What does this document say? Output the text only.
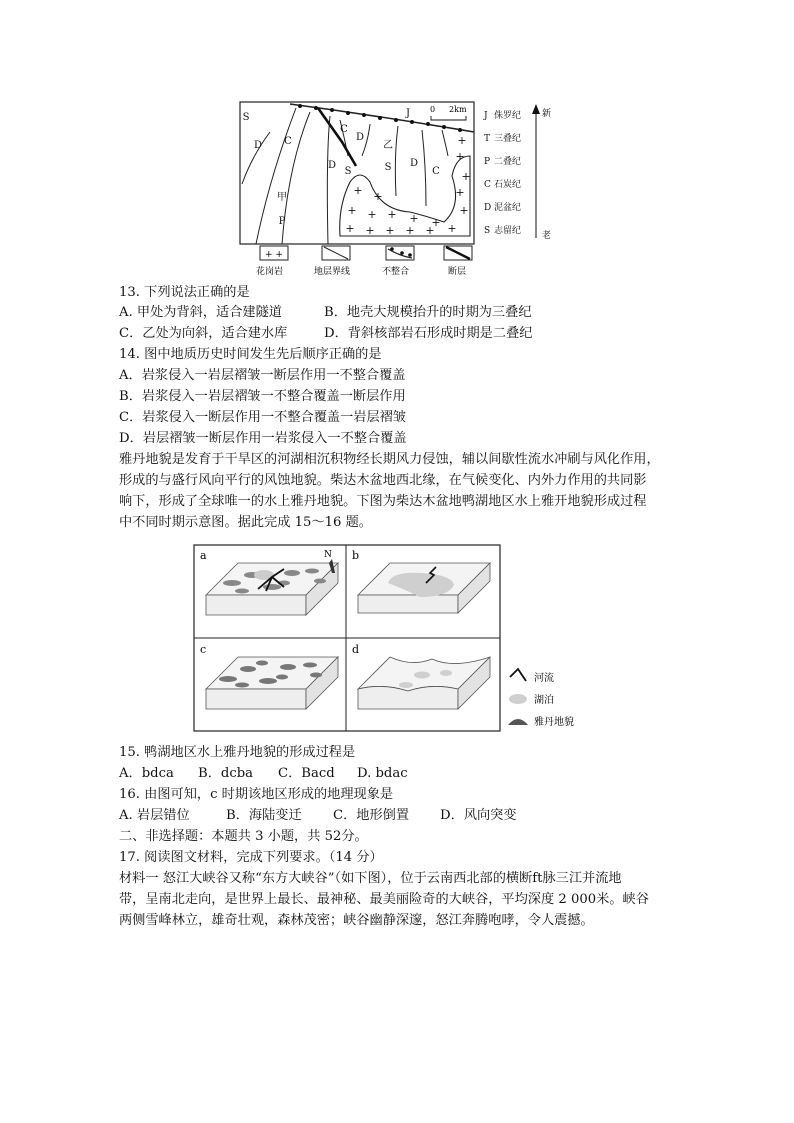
+ +
+ + + + +
+ + + + + +
+
+
+
+
+
S
D C
甲
P
D
S
C
D
乙
S D
C
J 0 2km
J 侏罗纪
T 三叠纪
P 二叠纪
C 石炭纪
D 泥盆纪
S 志留纪
新
老
+ +
花岗岩	地层界线	不整合	断层
13. 下列说法正确的是
A. 甲处为背斜，适合建隧道	B．地壳大规模抬升的时期为三叠纪
C．乙处为向斜，适合建水库	D．背斜核部岩石形成时期是二叠纪
14. 图中地质历史时间发生先后顺序正确的是
A．岩浆侵入一岩层褶皱一断层作用一不整合覆盖
B．岩浆侵入一岩层褶皱一不整合覆盖一断层作用
C．岩浆侵入一断层作用一不整合覆盖一岩层褶皱
D．岩层褶皱一断层作用一岩浆侵入一不整合覆盖
雅丹地貌是发育于干旱区的河湖相沉积物经长期风力侵蚀，辅以间歇性流水冲刷与风化作用，
形成的与盛行风向平行的风蚀地貌。柴达木盆地西北缘，在气候变化、内外力作用的共同影
响下，形成了全球唯一的水上雅丹地貌。下图为柴达木盆地鸭湖地区水上雅开地貌形成过程
中不同时期示意图。据此完成 15～16 题。
a	N b
c	d
河流
湖泊
雅丹地貌
15. 鸭湖地区水上雅丹地貌的形成过程是
A．bdca B．dcba C．Bacd D. bdac
16. 由图可知，c 时期该地区形成的地理现象是
A. 岩层错位	B．海陆变迁 C．地形倒置 D．风向突变
二、非选择题：本题共 3 小题，共 52分。
17. 阅读图文材料，完成下列要求。（14 分）
材料一 怒江大峡谷又称“东方大峡谷”（如下图），位于云南西北部的横断ft脉三江并流地
带，呈南北走向，是世界上最长、最神秘、最美丽险奇的大峡谷，平均深度 2 000米。峡谷
两侧雪峰林立，雄奇壮观，森林茂密；峡谷幽静深邃，怒江奔腾咆哮，令人震撼。
